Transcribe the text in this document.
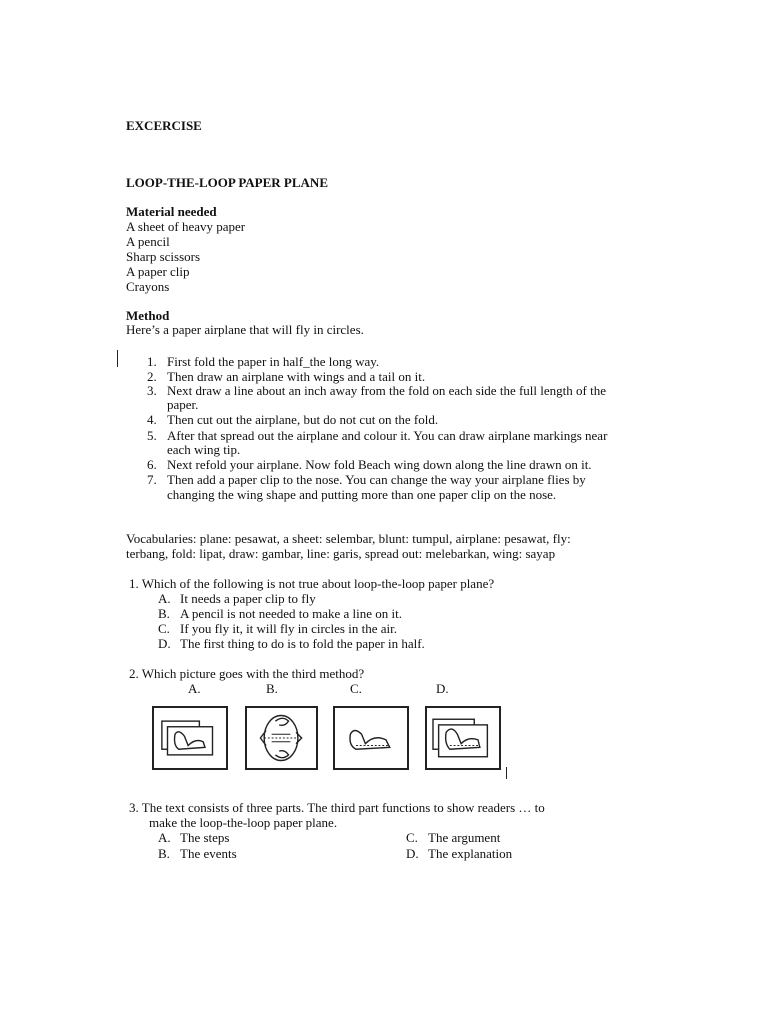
EXCERCISE
LOOP-THE-LOOP PAPER PLANE
Material needed
A sheet of heavy paper
A pencil
Sharp scissors
A paper clip
Crayons
Method
Here’s a paper airplane that will fly in circles.
1. First fold the paper in half_the long way.
2. Then draw an airplane with wings and a tail on it.
3. Next draw a line about an inch away from the fold on each side the full length of the
paper.
4. Then cut out the airplane, but do not cut on the fold.
5. After that spread out the airplane and colour it. You can draw airplane markings near
each wing tip.
6. Next refold your airplane. Now fold Beach wing down along the line drawn on it.
7. Then add a paper clip to the nose. You can change the way your airplane flies by
changing the wing shape and putting more than one paper clip on the nose.
Vocabularies: plane: pesawat, a sheet: selembar, blunt: tumpul, airplane: pesawat, fly:
terbang, fold: lipat, draw: gambar, line: garis, spread out: melebarkan, wing: sayap
1. Which of the following is not true about loop-the-loop paper plane?
A. It needs a paper clip to fly
B. A pencil is not needed to make a line on it.
C. If you fly it, it will fly in circles in the air.
D. The first thing to do is to fold the paper in half.
2. Which picture goes with the third method?
A.	B.	C.	D.
3. The text consists of three parts. The third part functions to show readers … to
make the loop-the-loop paper plane.
A. The steps
B. The events
C. The argument
D. The explanation
